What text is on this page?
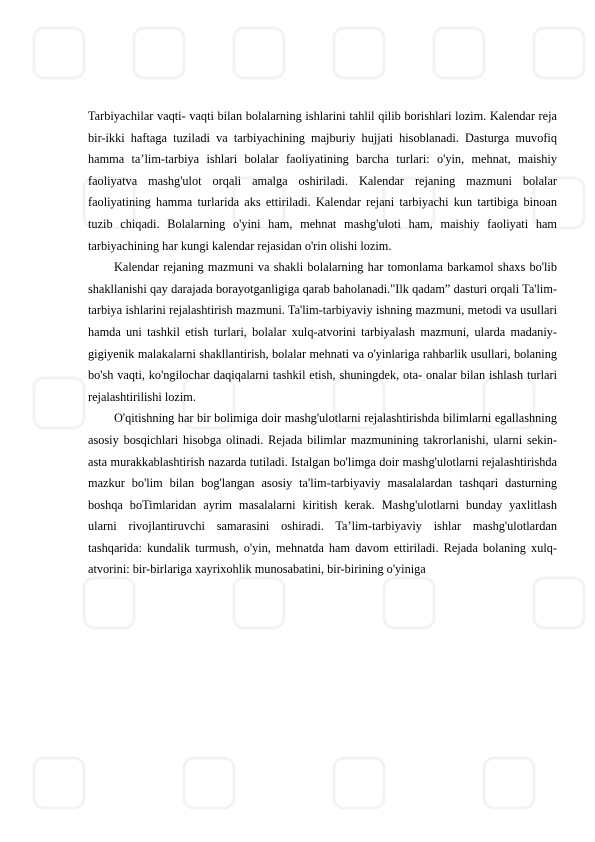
Tarbiyachilar vaqti- vaqti bilan bolalarning ishlarini tahlil qilib borishlari lozim. Kalendar reja bir-ikki haftaga tuziladi va tarbiyachining majburiy hujjati hisoblanadi. Dasturga muvofiq hamma ta’lim-tarbiya ishlari bolalar faoliyatining barcha turlari: o'yin, mehnat, maishiy faoliyatva mashg'ulot orqali amalga oshiriladi. Kalendar rejaning mazmuni bolalar faoliyatining hamma turlarida aks ettiriladi. Kalendar rejani tarbiyachi kun tartibiga binoan tuzib chiqadi. Bolalarning o'yini ham, mehnat mashg'uloti ham, maishiy faoliyati ham tarbiyachining har kungi kalendar rejasidan o'rin olishi lozim.

Kalendar rejaning mazmuni va shakli bolalarning har tomonlama barkamol shaxs bo'lib shakllanishi qay darajada borayotganligiga qarab baholanadi."Ilk qadam” dasturi orqali Ta'lim- tarbiya ishlarini rejalashtirish mazmuni. Ta'lim-tarbiyaviy ishning mazmuni, metodi va usullari hamda uni tashkil etish turlari, bolalar xulq-atvorini tarbiyalash mazmuni, ularda madaniy-gigiyenik malakalarni shakllantirish, bolalar mehnati va o'yinlariga rahbarlik usullari, bolaning bo'sh vaqti, ko'ngilochar daqiqalarni tashkil etish, shuningdek, ota- onalar bilan ishlash turlari rejalashtirilishi lozim.

O'qitishning har bir bolimiga doir mashg'ulotlarni rejalashtirishda bilimlarni egallashning asosiy bosqichlari hisobga olinadi. Rejada bilimlar mazmunining takrorlanishi, ularni sekin-asta murakkablashtirish nazarda tutiladi. Istalgan bo'limga doir mashg'ulotlarni rejalashtirishda mazkur bo'lim bilan bog'langan asosiy ta'lim-tarbiyaviy masalalardan tashqari dasturning boshqa boTimlaridan ayrim masalalarni kiritish kerak. Mashg'ulotlarni bunday yaxlitlash ularni rivojlantiruvchi samarasini oshiradi. Ta’lim-tarbiyaviy ishlar mashg'ulotlardan tashqarida: kundalik turmush, o'yin, mehnatda ham davom ettiriladi. Rejada bolaning xulq-atvorini: bir-birlariga xayrixohlik munosabatini, bir-birining o'yiniga
